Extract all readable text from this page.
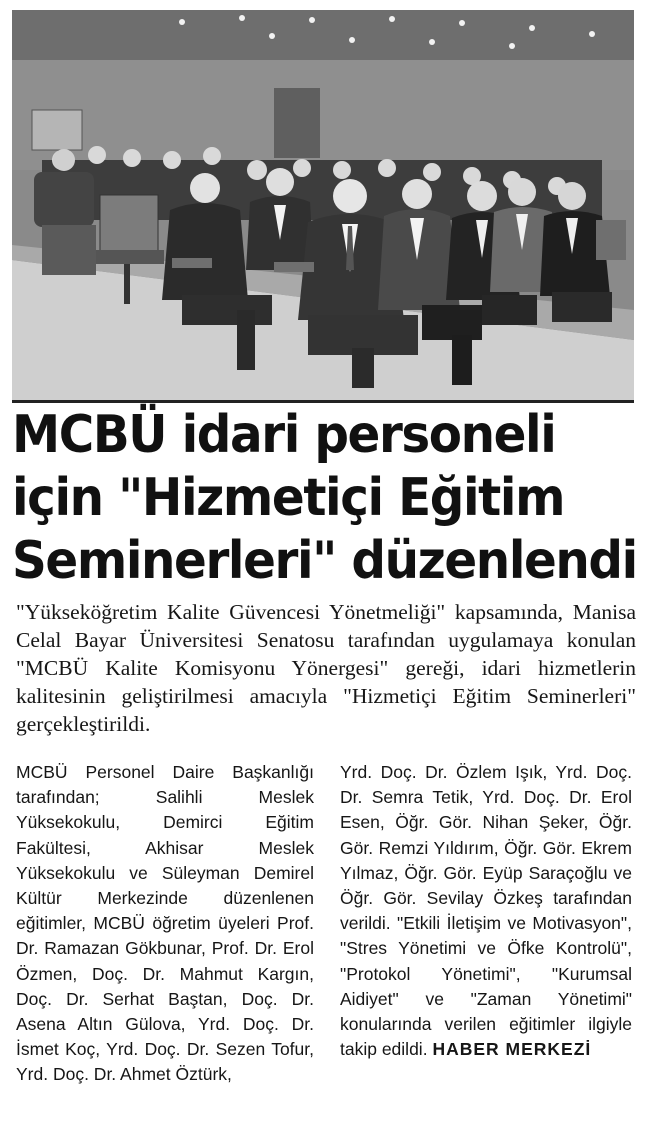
MCBÜ idari personeli
için "Hizmetiçi Eğitim
Seminerleri" düzenlendi

"Yükseköğretim Kalite Güvencesi Yönetmeliği" kapsamında, Manisa Celal Bayar Üniversitesi Senatosu tarafından uygulamaya konulan "MCBÜ Kalite Komisyonu Yönergesi" gereği, idari hizmetlerin kalitesinin geliştirilmesi amacıyla "Hizmetiçi Eğitim Seminerleri" gerçekleştirildi.

MCBÜ Personel Daire Başkanlığı tarafından; Salihli Meslek Yüksekokulu, Demirci Eğitim Fakültesi, Akhisar Meslek Yüksekokulu ve Süleyman Demirel Kültür Merkezinde düzenlenen eğitimler, MCBÜ öğretim üyeleri Prof. Dr. Ramazan Gökbunar, Prof. Dr. Erol Özmen, Doç. Dr. Mahmut Kargın, Doç. Dr. Serhat Baştan, Doç. Dr. Asena Altın Gülova, Yrd. Doç. Dr. İsmet Koç, Yrd. Doç. Dr. Sezen Tofur, Yrd. Doç. Dr. Ahmet Öztürk,

Yrd. Doç. Dr. Özlem Işık, Yrd. Doç. Dr. Semra Tetik, Yrd. Doç. Dr. Erol Esen, Öğr. Gör. Nihan Şeker, Öğr. Gör. Remzi Yıldırım, Öğr. Gör. Ekrem Yılmaz, Öğr. Gör. Eyüp Saraçoğlu ve Öğr. Gör. Sevilay Özkeş tarafından verildi. "Etkili İletişim ve Motivasyon", "Stres Yönetimi ve Öfke Kontrolü", "Protokol Yönetimi", "Kurumsal Aidiyet" ve "Zaman Yönetimi" konularında verilen eğitimler ilgiyle takip edildi. HABER MERKEZİ
